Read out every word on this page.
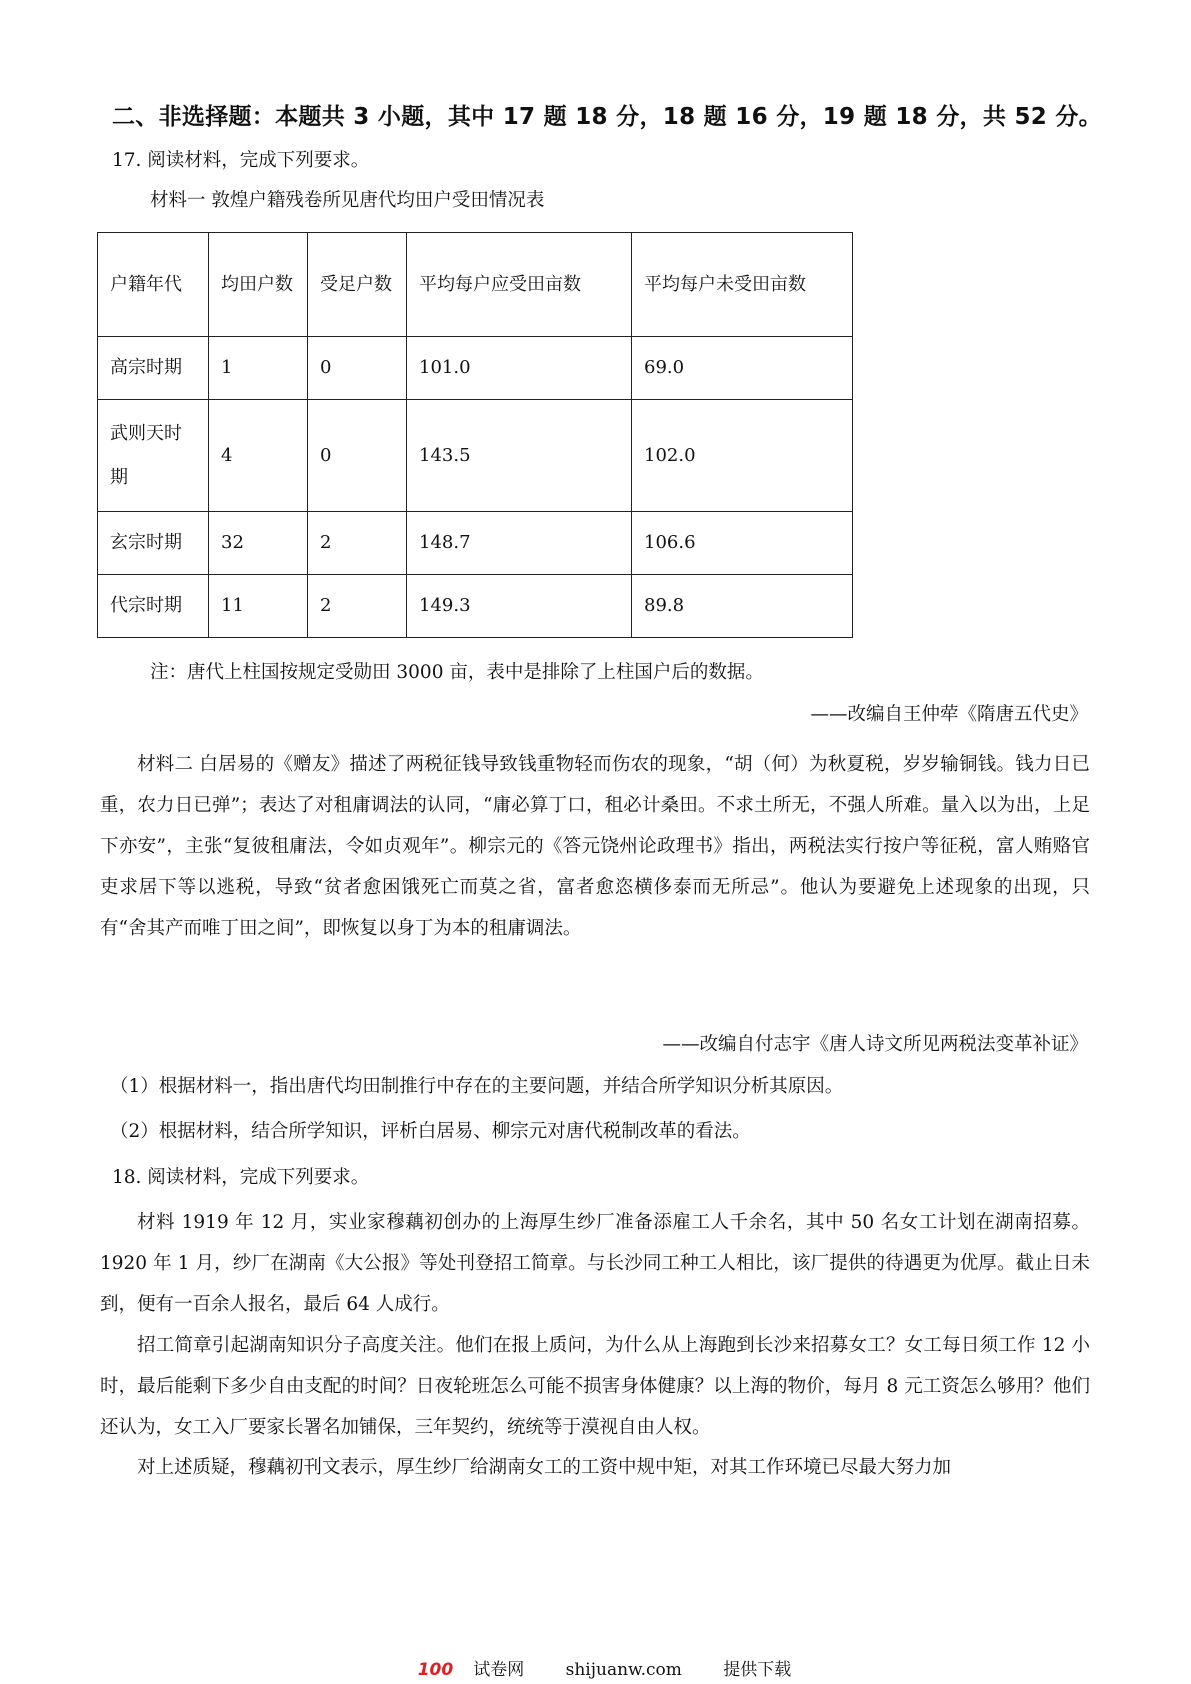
二、非选择题：本题共 3 小题，其中 17 题 18 分，18 题 16 分，19 题 18 分，共 52 分。
17. 阅读材料，完成下列要求。
材料一 敦煌户籍残卷所见唐代均田户受田情况表
户籍年代	均田户数	受足户数	平均每户应受田亩数	平均每户未受田亩数
高宗时期	1	0	101.0	69.0
武则天时期	4	0	143.5	102.0
玄宗时期	32	2	148.7	106.6
代宗时期	11	2	149.3	89.8
注：唐代上柱国按规定受勋田 3000 亩，表中是排除了上柱国户后的数据。
——改编自王仲荦《隋唐五代史》
材料二 白居易的《赠友》描述了两税征钱导致钱重物轻而伤农的现象，“胡（何）为秋夏税，岁岁输铜钱。钱力日已重，农力日已弹”；表达了对租庸调法的认同，“庸必算丁口，租必计桑田。不求土所无，不强人所难。量入以为出，上足下亦安”，主张“复彼租庸法，令如贞观年”。柳宗元的《答元饶州论政理书》指出，两税法实行按户等征税，富人贿赂官吏求居下等以逃税，导致“贫者愈困饿死亡而莫之省，富者愈恣横侈泰而无所忌”。他认为要避免上述现象的出现，只有“舍其产而唯丁田之间”，即恢复以身丁为本的租庸调法。
——改编自付志宇《唐人诗文所见两税法变革补证》
（1）根据材料一，指出唐代均田制推行中存在的主要问题，并结合所学知识分析其原因。
（2）根据材料，结合所学知识，评析白居易、柳宗元对唐代税制改革的看法。
18. 阅读材料，完成下列要求。
材料 1919 年 12 月，实业家穆藕初创办的上海厚生纱厂准备添雇工人千余名，其中 50 名女工计划在湖南招募。1920 年 1 月，纱厂在湖南《大公报》等处刊登招工简章。与长沙同工种工人相比，该厂提供的待遇更为优厚。截止日未到，便有一百余人报名，最后 64 人成行。
招工简章引起湖南知识分子高度关注。他们在报上质问，为什么从上海跑到长沙来招募女工？女工每日须工作 12 小时，最后能剩下多少自由支配的时间？日夜轮班怎么可能不损害身体健康？以上海的物价，每月 8 元工资怎么够用？他们还认为，女工入厂要家长署名加铺保，三年契约，统统等于漠视自由人权。
对上述质疑，穆藕初刊文表示，厚生纱厂给湖南女工的工资中规中矩，对其工作环境已尽最大努力加
100 试卷网 shijuanw.com 提供下载
